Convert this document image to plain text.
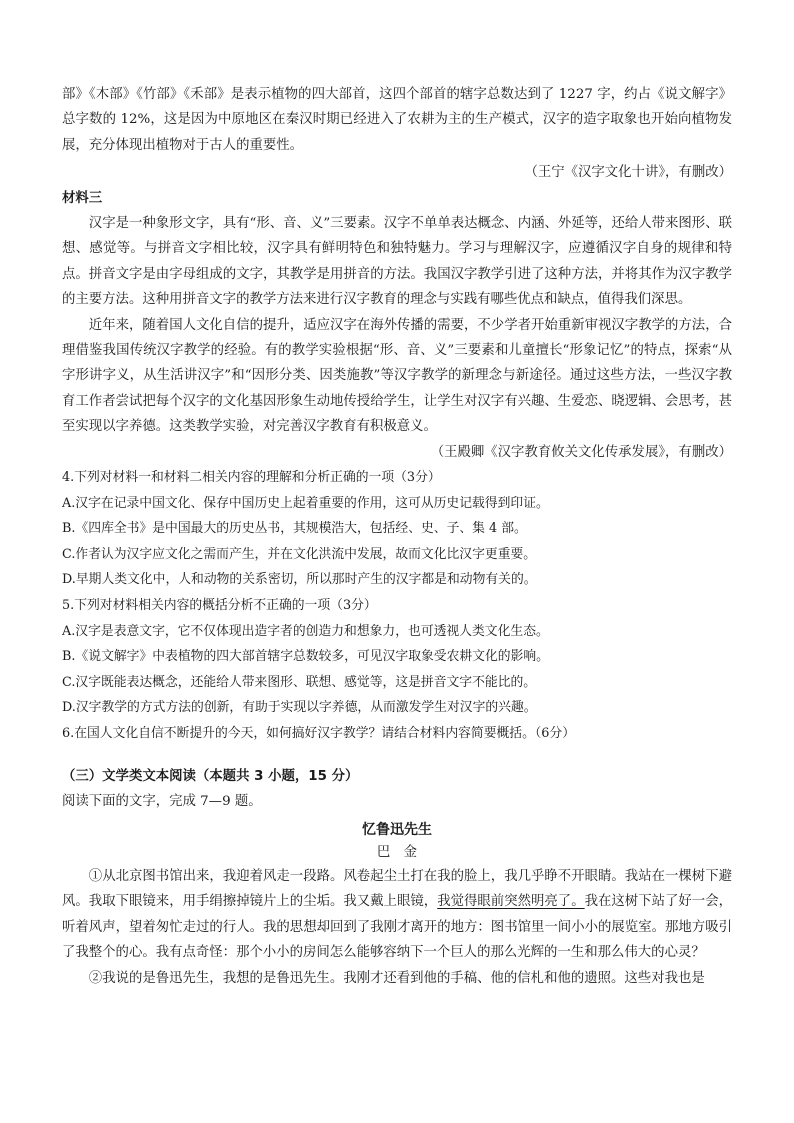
部》《木部》《竹部》《禾部》是表示植物的四大部首，这四个部首的辖字总数达到了 1227 字，约占《说文解字》总字数的 12%，这是因为中原地区在秦汉时期已经进入了农耕为主的生产模式，汉字的造字取象也开始向植物发展，充分体现出植物对于古人的重要性。

（王宁《汉字文化十讲》，有删改）

材料三

汉字是一种象形文字，具有“形、音、义”三要素。汉字不单单表达概念、内涵、外延等，还给人带来图形、联想、感觉等。与拼音文字相比较，汉字具有鲜明特色和独特魅力。学习与理解汉字，应遵循汉字自身的规律和特点。拼音文字是由字母组成的文字，其教学是用拼音的方法。我国汉字教学引进了这种方法，并将其作为汉字教学的主要方法。这种用拼音文字的教学方法来进行汉字教育的理念与实践有哪些优点和缺点，值得我们深思。

近年来，随着国人文化自信的提升，适应汉字在海外传播的需要，不少学者开始重新审视汉字教学的方法，合理借鉴我国传统汉字教学的经验。有的教学实验根据“形、音、义”三要素和儿童擅长“形象记忆”的特点，探索“从字形讲字义，从生活讲汉字”和“因形分类、因类施教”等汉字教学的新理念与新途径。通过这些方法，一些汉字教育工作者尝试把每个汉字的文化基因形象生动地传授给学生，让学生对汉字有兴趣、生爱恋、晓逻辑、会思考，甚至实现以字养德。这类教学实验，对完善汉字教育有积极意义。

（王殿卿《汉字教育攸关文化传承发展》，有删改）

4.下列对材料一和材料二相关内容的理解和分析正确的一项（3分）

A.汉字在记录中国文化、保存中国历史上起着重要的作用，这可从历史记载得到印证。

B.《四库全书》是中国最大的历史丛书，其规模浩大，包括经、史、子、集 4 部。

C.作者认为汉字应文化之需而产生，并在文化洪流中发展，故而文化比汉字更重要。

D.早期人类文化中，人和动物的关系密切，所以那时产生的汉字都是和动物有关的。

5.下列对材料相关内容的概括分析不正确的一项（3分）

A.汉字是表意文字，它不仅体现出造字者的创造力和想象力，也可透视人类文化生态。

B.《说文解字》中表植物的四大部首辖字总数较多，可见汉字取象受农耕文化的影响。

C.汉字既能表达概念，还能给人带来图形、联想、感觉等，这是拼音文字不能比的。

D.汉字教学的方式方法的创新，有助于实现以字养德，从而激发学生对汉字的兴趣。

6.在国人文化自信不断提升的今天，如何搞好汉字教学？请结合材料内容简要概括。（6分）

（三）文学类文本阅读（本题共 3 小题，15 分）

阅读下面的文字，完成 7—9 题。

忆鲁迅先生

巴金

①从北京图书馆出来，我迎着风走一段路。风卷起尘土打在我的脸上，我几乎睁不开眼睛。我站在一棵树下避风。我取下眼镜来，用手绢擦掉镜片上的尘垢。我又戴上眼镜，我觉得眼前突然明亮了。我在这树下站了好一会，听着风声，望着匆忙走过的行人。我的思想却回到了我刚才离开的地方：图书馆里一间小小的展览室。那地方吸引了我整个的心。我有点奇怪：那个小小的房间怎么能够容纳下一个巨人的那么光辉的一生和那么伟大的心灵？

②我说的是鲁迅先生，我想的是鲁迅先生。我刚才还看到他的手稿、他的信札和他的遗照。这些对我也是
